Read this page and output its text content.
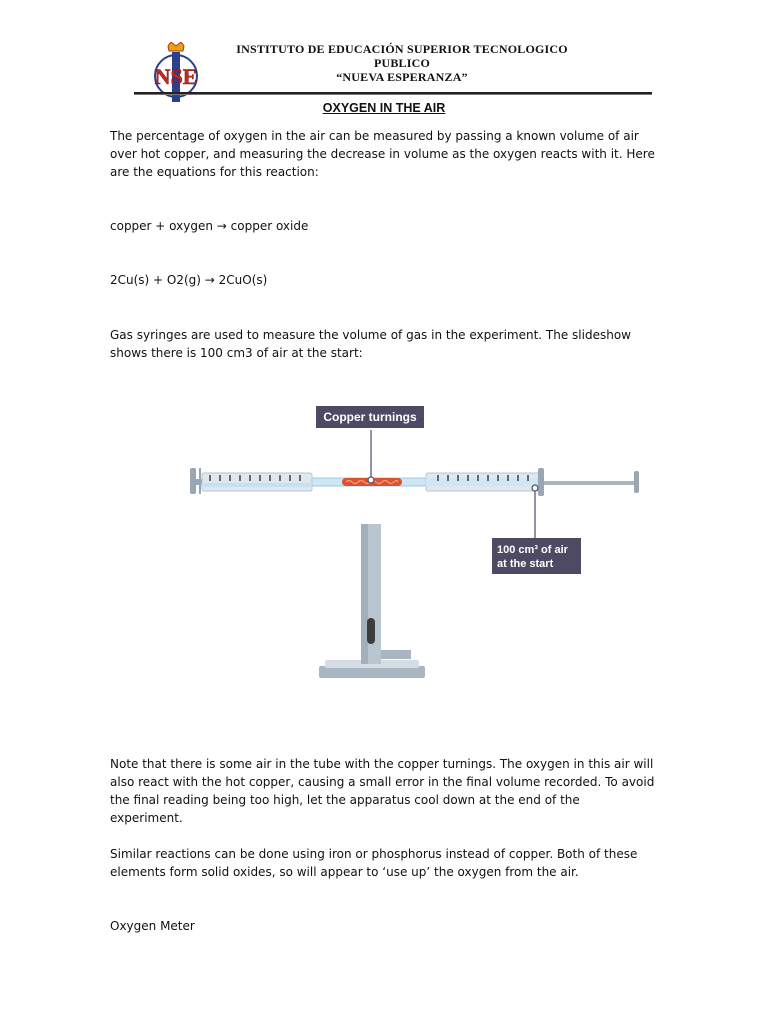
NSE
INSTITUTO DE EDUCACIÓN SUPERIOR TECNOLOGICO
PUBLICO
“NUEVA ESPERANZA”
OXYGEN IN THE AIR

The percentage of oxygen in the air can be measured by passing a known volume of air over hot copper, and measuring the decrease in volume as the oxygen reacts with it. Here are the equations for this reaction:

copper + oxygen → copper oxide

2Cu(s) + O2(g) → 2CuO(s)

Gas syringes are used to measure the volume of gas in the experiment. The slideshow shows there is 100 cm3 of air at the start:

Copper turnings
100 cm³ of air
at the start

Note that there is some air in the tube with the copper turnings. The oxygen in this air will also react with the hot copper, causing a small error in the final volume recorded. To avoid the final reading being too high, let the apparatus cool down at the end of the experiment.

Similar reactions can be done using iron or phosphorus instead of copper. Both of these elements form solid oxides, so will appear to ‘use up’ the oxygen from the air.

Oxygen Meter
